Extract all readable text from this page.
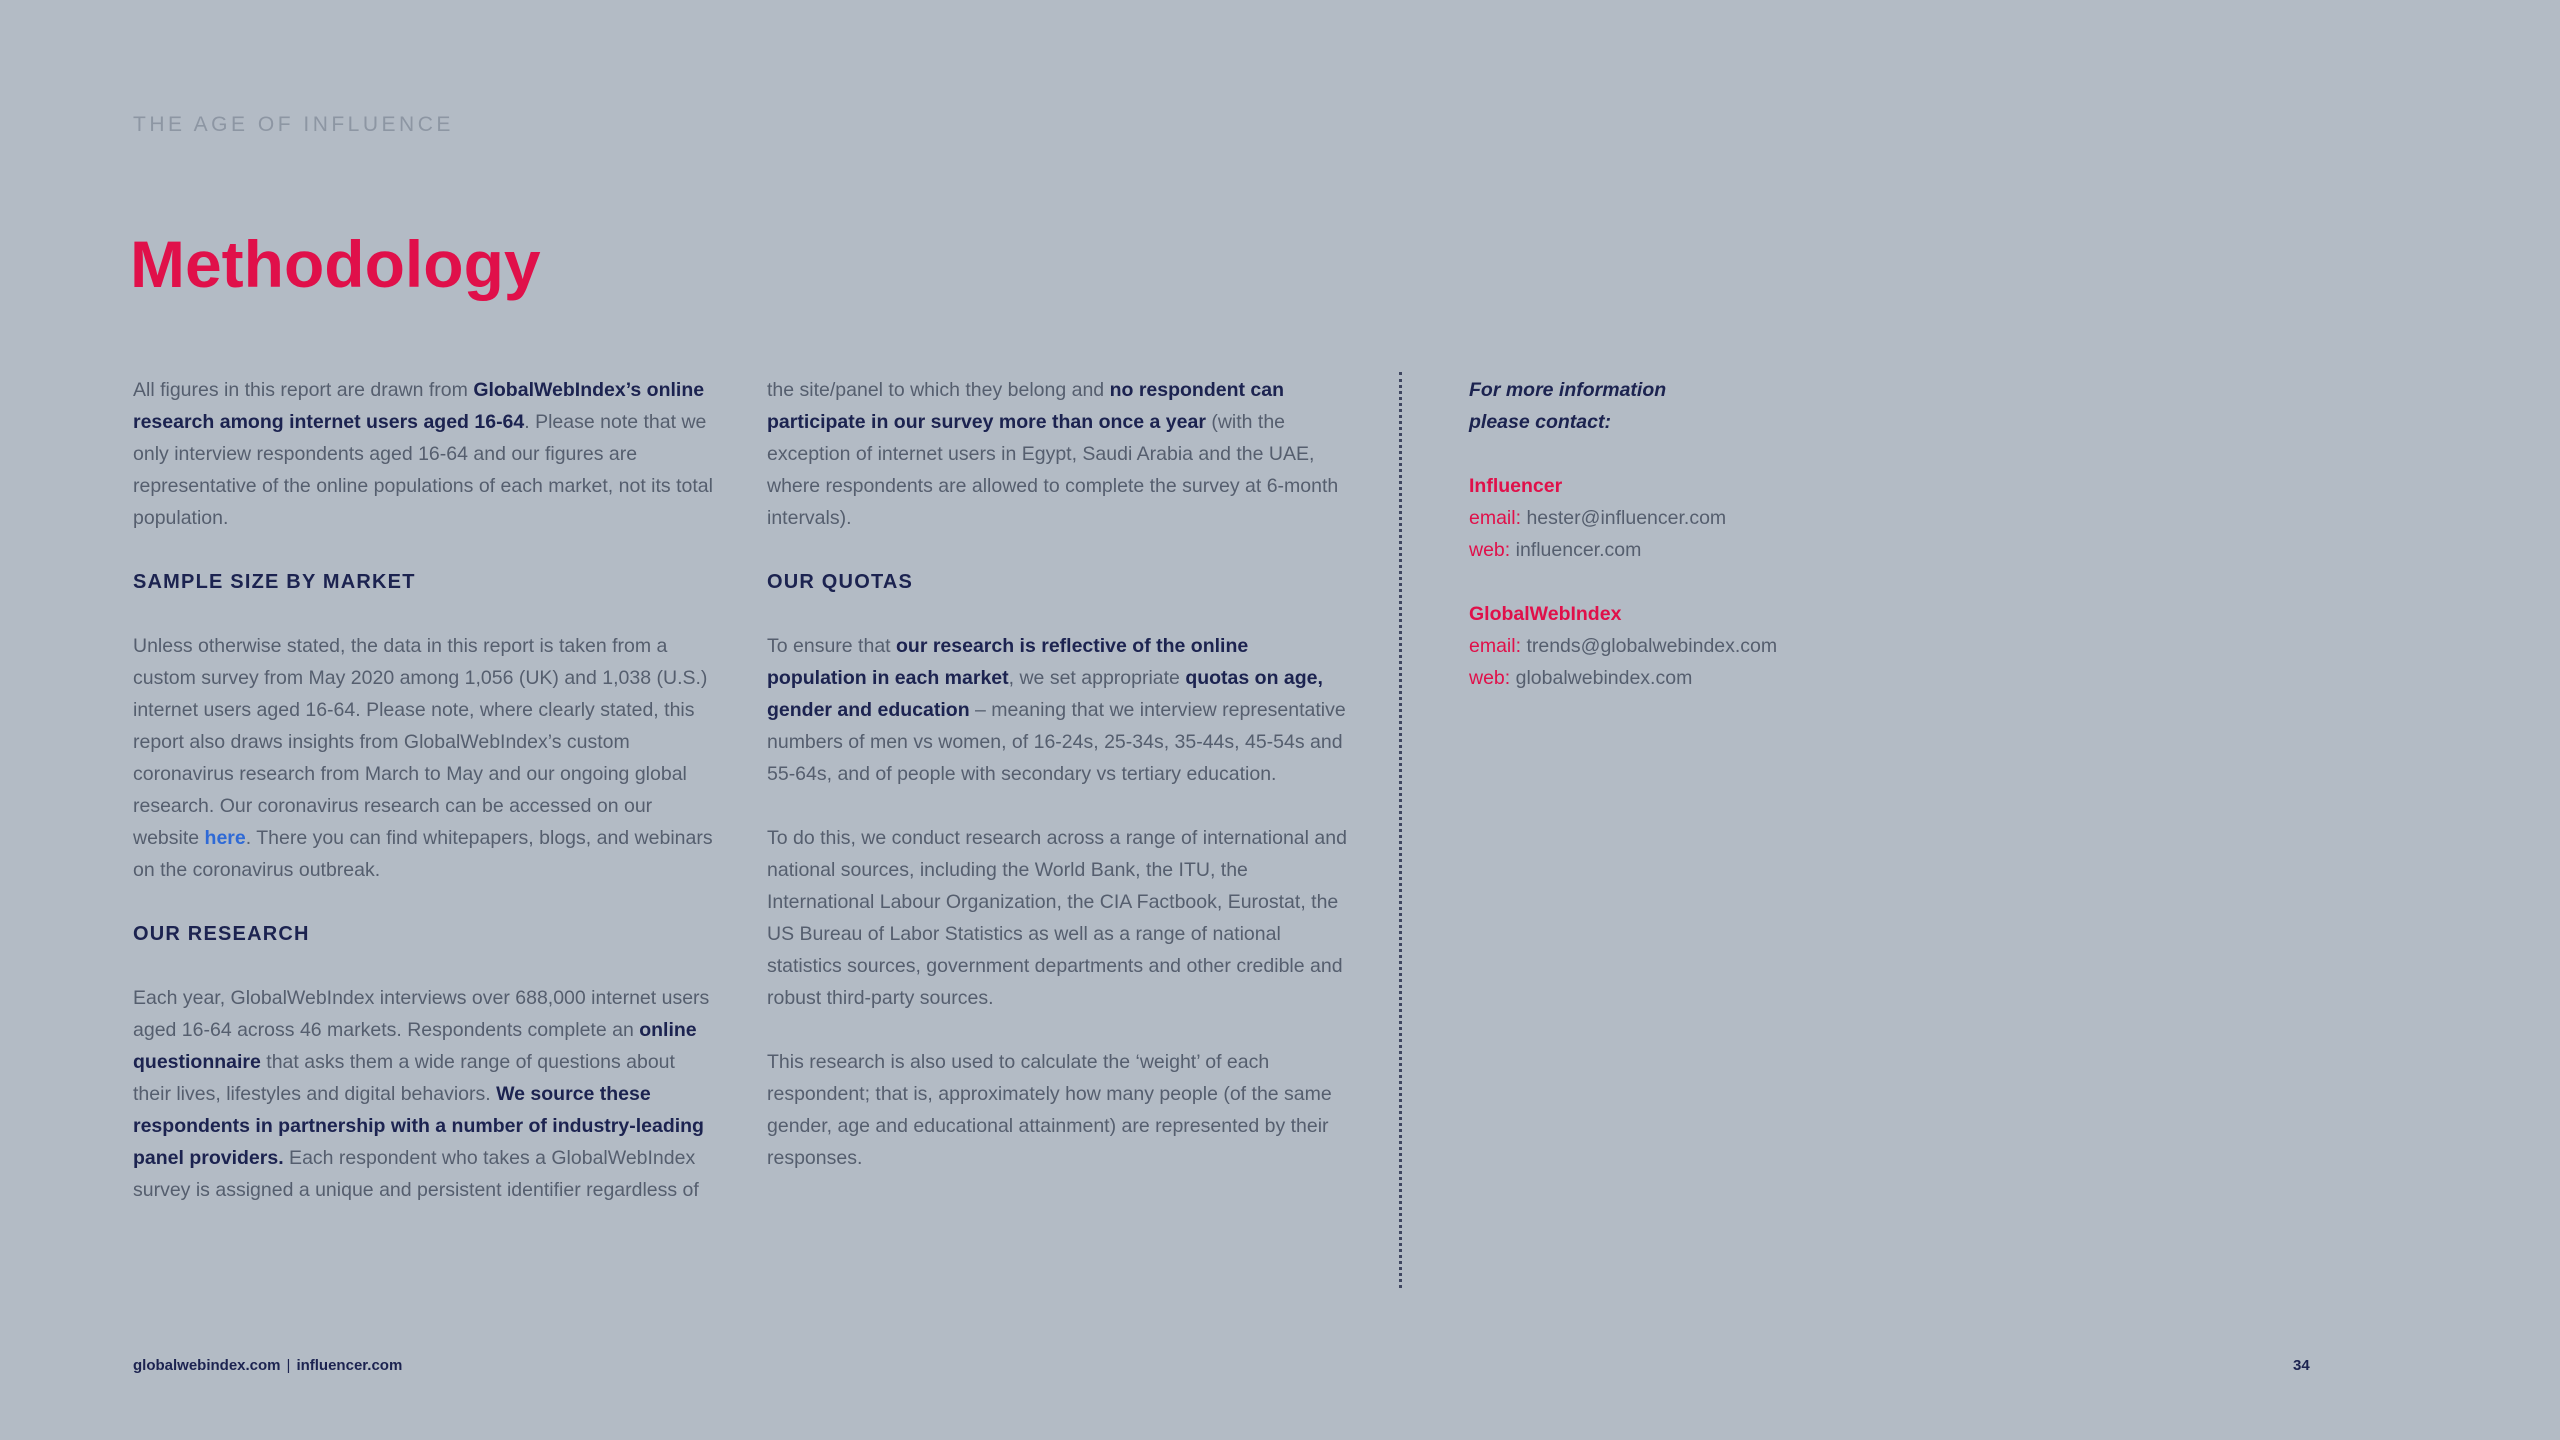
THE AGE OF INFLUENCE
Methodology

All figures in this report are drawn from GlobalWebIndex’s online research among internet users aged 16-64. Please note that we only interview respondents aged 16-64 and our figures are representative of the online populations of each market, not its total population.

SAMPLE SIZE BY MARKET

Unless otherwise stated, the data in this report is taken from a custom survey from May 2020 among 1,056 (UK) and 1,038 (U.S.) internet users aged 16-64. Please note, where clearly stated, this report also draws insights from GlobalWebIndex’s custom coronavirus research from March to May and our ongoing global research. Our coronavirus research can be accessed on our website here. There you can find whitepapers, blogs, and webinars on the coronavirus outbreak.

OUR RESEARCH

Each year, GlobalWebIndex interviews over 688,000 internet users aged 16-64 across 46 markets. Respondents complete an online questionnaire that asks them a wide range of questions about their lives, lifestyles and digital behaviors. We source these respondents in partnership with a number of industry-leading panel providers. Each respondent who takes a GlobalWebIndex survey is assigned a unique and persistent identifier regardless of

the site/panel to which they belong and no respondent can participate in our survey more than once a year (with the exception of internet users in Egypt, Saudi Arabia and the UAE, where respondents are allowed to complete the survey at 6-month intervals).

OUR QUOTAS

To ensure that our research is reflective of the online population in each market, we set appropriate quotas on age, gender and education – meaning that we interview representative numbers of men vs women, of 16-24s, 25-34s, 35-44s, 45-54s and 55-64s, and of people with secondary vs tertiary education.

To do this, we conduct research across a range of international and national sources, including the World Bank, the ITU, the International Labour Organization, the CIA Factbook, Eurostat, the US Bureau of Labor Statistics as well as a range of national statistics sources, government departments and other credible and robust third-party sources.

This research is also used to calculate the ‘weight’ of each respondent; that is, approximately how many people (of the same gender, age and educational attainment) are represented by their responses.

For more information
please contact:

Influencer

email: hester@influencer.com

web: influencer.com

GlobalWebIndex

email: trends@globalwebindex.com

web: globalwebindex.com

globalwebindex.com | influencer.com	34
